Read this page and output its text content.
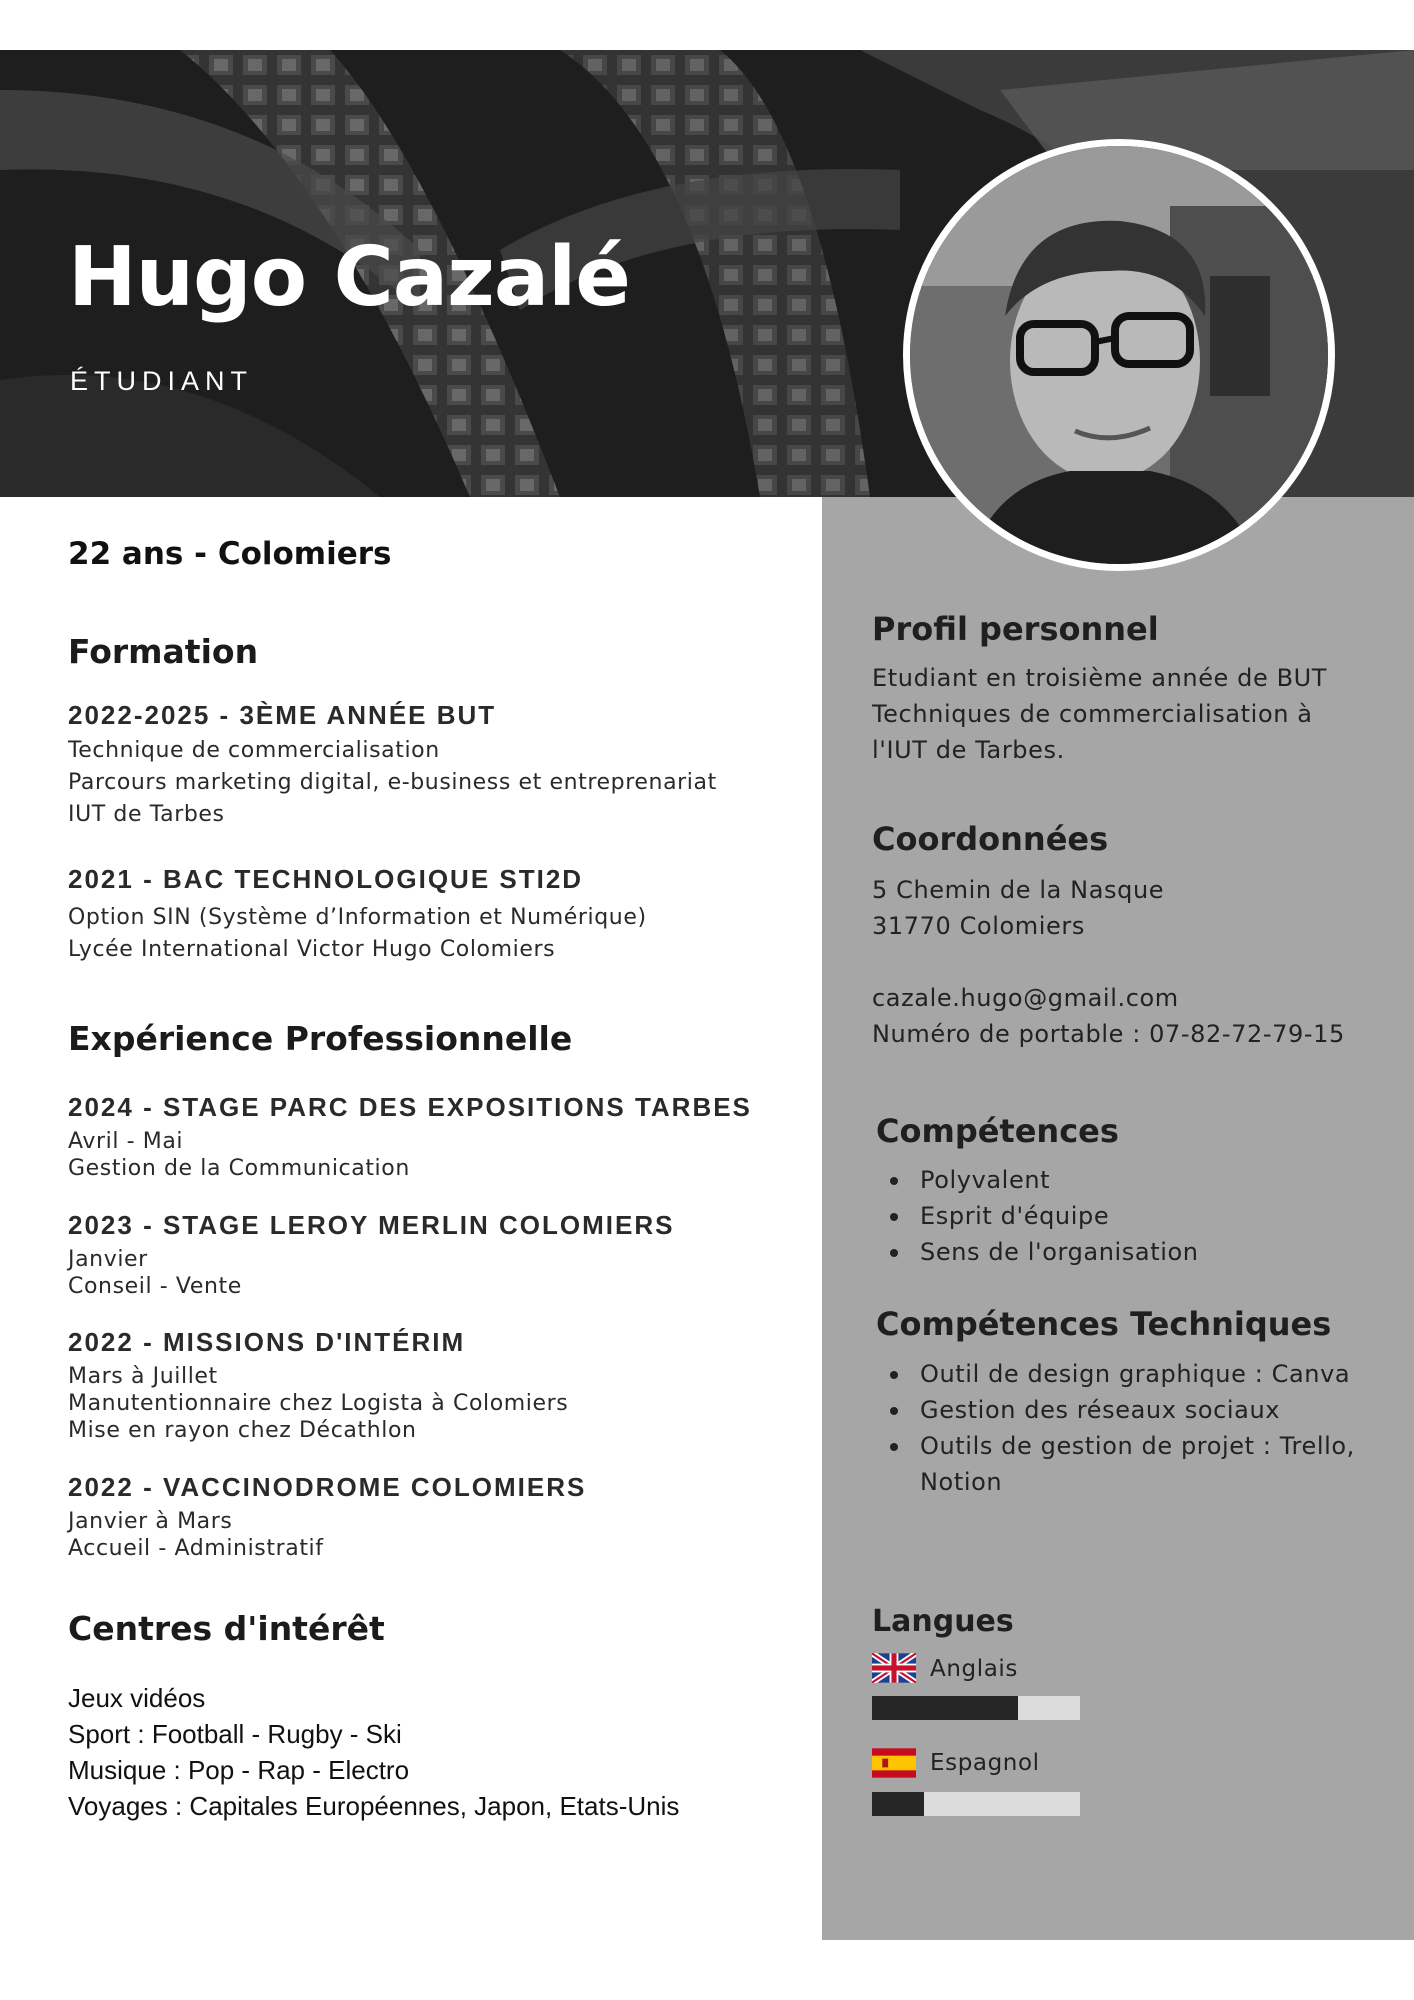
Hugo Cazalé
ÉTUDIANT
22 ans - Colomiers
Formation
2022-2025 - 3ÈME ANNÉE BUT
Technique de commercialisation
Parcours marketing digital, e-business et entreprenariat
IUT de Tarbes
2021 - BAC TECHNOLOGIQUE STI2D
Option SIN (Système d’Information et Numérique)
Lycée International Victor Hugo Colomiers
Expérience Professionnelle
2024 - STAGE PARC DES EXPOSITIONS TARBES
Avril - Mai
Gestion de la Communication
2023 - STAGE LEROY MERLIN COLOMIERS
Janvier
Conseil - Vente
2022 - MISSIONS D'INTÉRIM
Mars à Juillet
Manutentionnaire chez Logista à Colomiers
Mise en rayon chez Décathlon
2022 - VACCINODROME COLOMIERS
Janvier à Mars
Accueil - Administratif
Centres d'intérêt
Jeux vidéos
Sport : Football - Rugby - Ski
Musique : Pop - Rap - Electro
Voyages : Capitales Européennes, Japon, Etats-Unis
Profil personnel
Etudiant en troisième année de BUT
Techniques de commercialisation à
l'IUT de Tarbes.
Coordonnées
5 Chemin de la Nasque
31770 Colomiers
cazale.hugo@gmail.com
Numéro de portable : 07-82-72-79-15
Compétences
Polyvalent
Esprit d'équipe
Sens de l'organisation
Compétences Techniques
Outil de design graphique : Canva
Gestion des réseaux sociaux
Outils de gestion de projet : Trello,
Notion
Langues
Anglais
Espagnol
